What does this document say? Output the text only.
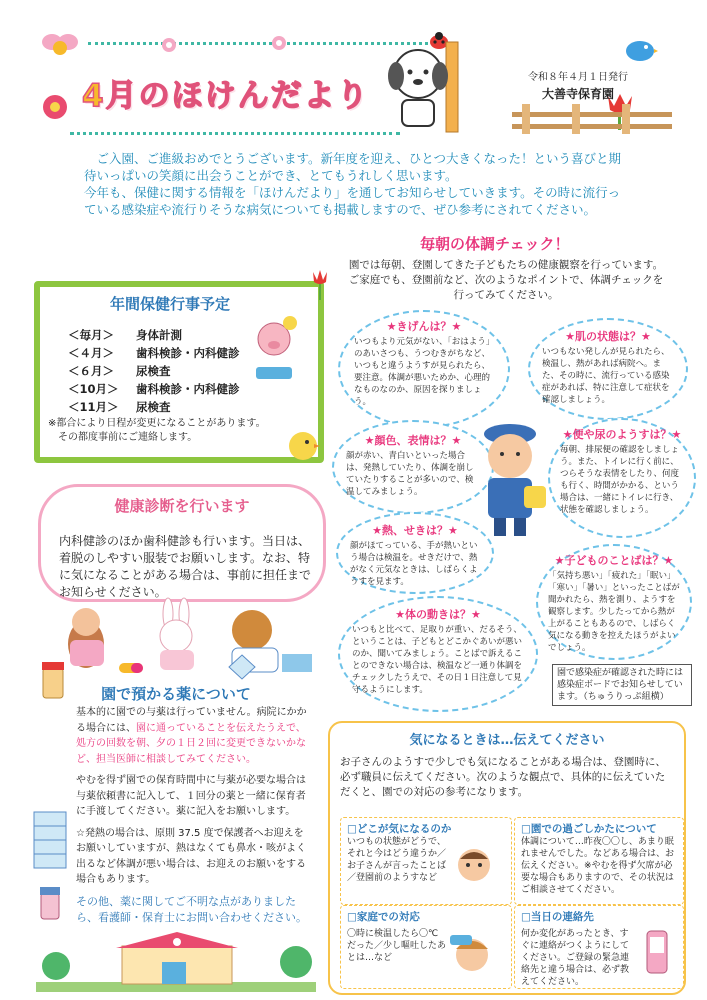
4月のほけんだより
令和８年４月１日発行
大善寺保育園

ご入園、ご進級おめでとうございます。新年度を迎え、ひとつ大きくなった！という喜びと期待いっぱいの笑顔に出会うことができ、とてもうれしく思います。

今年も、保健に関する情報を「ほけんだより」を通してお知らせしていきます。その時に流行っている感染症や流行りそうな病気についても掲載しますので、ぜひ参考にされてください。

年間保健行事予定
＜毎月＞ 身体計測
＜４月＞ 歯科検診・内科健診
＜６月＞ 尿検査
＜10月＞ 歯科検診・内科健診
＜11月＞ 尿検査
※都合により日程が変更になることがあります。
その都度事前にご連絡します。
健康診断を行います

内科健診のほか歯科健診も行います。当日は、着脱のしやすい服装でお願いします。なお、特に気になることがある場合は、事前に担任までお知らせください。

園で預かる薬について

基本的に園での与薬は行っていません。病院にかかる場合には、園に通っていることを伝えたうえで、処方の回数を朝、夕の１日２回に変更できないかなど、担当医師に相談してみてください。

やむを得ず園での保育時間中に与薬が必要な場合は与薬依頼書に記入して、１回分の薬と一緒に保育者に手渡してください。薬に記入をお願いします。

☆発熱の場合は、原則 37.5 度で保護者へお迎えをお願いしていますが、熱はなくても鼻水・咳がよく出るなど体調が悪い場合は、お迎えのお願いをする場合もあります。

その他、薬に関してご不明な点がありましたら、看護師・保育士にお問い合わせください。

毎朝の体調チェック！
園では毎朝、登園してきた子どもたちの健康観察を行っています。ご家庭でも、登園前など、次のようなポイントで、体調チェックを行ってみてください。
★きげんは？★

いつもより元気がない、「おはよう」のあいさつも、うつむきがちなど、いつもと違うようすが見られたら、要注意。体調が悪いためか、心理的なものなのか、原因を探りましょう。

★肌の状態は？★

いつもない発しんが見られたら、検温し、熱があれば病院へ。また、その時に、流行っている感染症があれば、特に注意して症状を確認しましょう。

★顔色、表情は？★

顔が赤い、青白いといった場合は、発熱していたり、体調を崩していたりすることが多いので、検温してみましょう。

★便や尿のようすは？★

毎朝、排尿便の確認をしましょう。また、トイレに行く前に、つらそうな表情をしたり、何度も行く、時間がかかる、という場合は、一緒にトイレに行き、状態を確認しましょう。

★熱、せきは？★

顔がほてっている、手が熱いという場合は検温を。せきだけで、熱がなく元気なときは、しばらくようすを見ます。

★子どものことばは？★

「気持ち悪い」「疲れた」「眠い」「寒い」「暑い」といったことばが聞かれたら、熱を測り、ようすを観察します。少したってから熱が上がることもあるので、しばらく気になる動きを控えたほうがよいでしょう。

★体の動きは？★

いつもと比べて、足取りが重い、だるそう、ということは、子どもとどこかぐあいが悪いのか、聞いてみましょう。ことばで訴えることのできない場合は、検温など一通り体調をチェックしたうえで、その日１日注意して見守るようにします。

園で感染症が確認された時には感染症ボードでお知らせしています。（ちゅうりっぷ組横）
気になるときは…伝えてください
お子さんのようすで少しでも気になることがある場合は、登園時に、必ず職員に伝えてください。次のような観点で、具体的に伝えていただくと、園での対応の参考になります。
□どこが気になるのか

いつもの状態がどうで、それと今はどう違うか／お子さんが言ったことば／登園前のようすなど

□園での過ごしかたについて

体調について…昨夜〇〇し、あまり眠れませんでした。などある場合は、お伝えください。※やむを得ず欠席が必要な場合もありますので、その状況はご相談させてください。

□家庭での対応

〇時に検温したら〇℃だった／少し嘔吐したあとは…など

□当日の連絡先

何か変化があったとき、すぐに連絡がつくようにしてください。ご登録の緊急連絡先と違う場合は、必ず教えてください。
